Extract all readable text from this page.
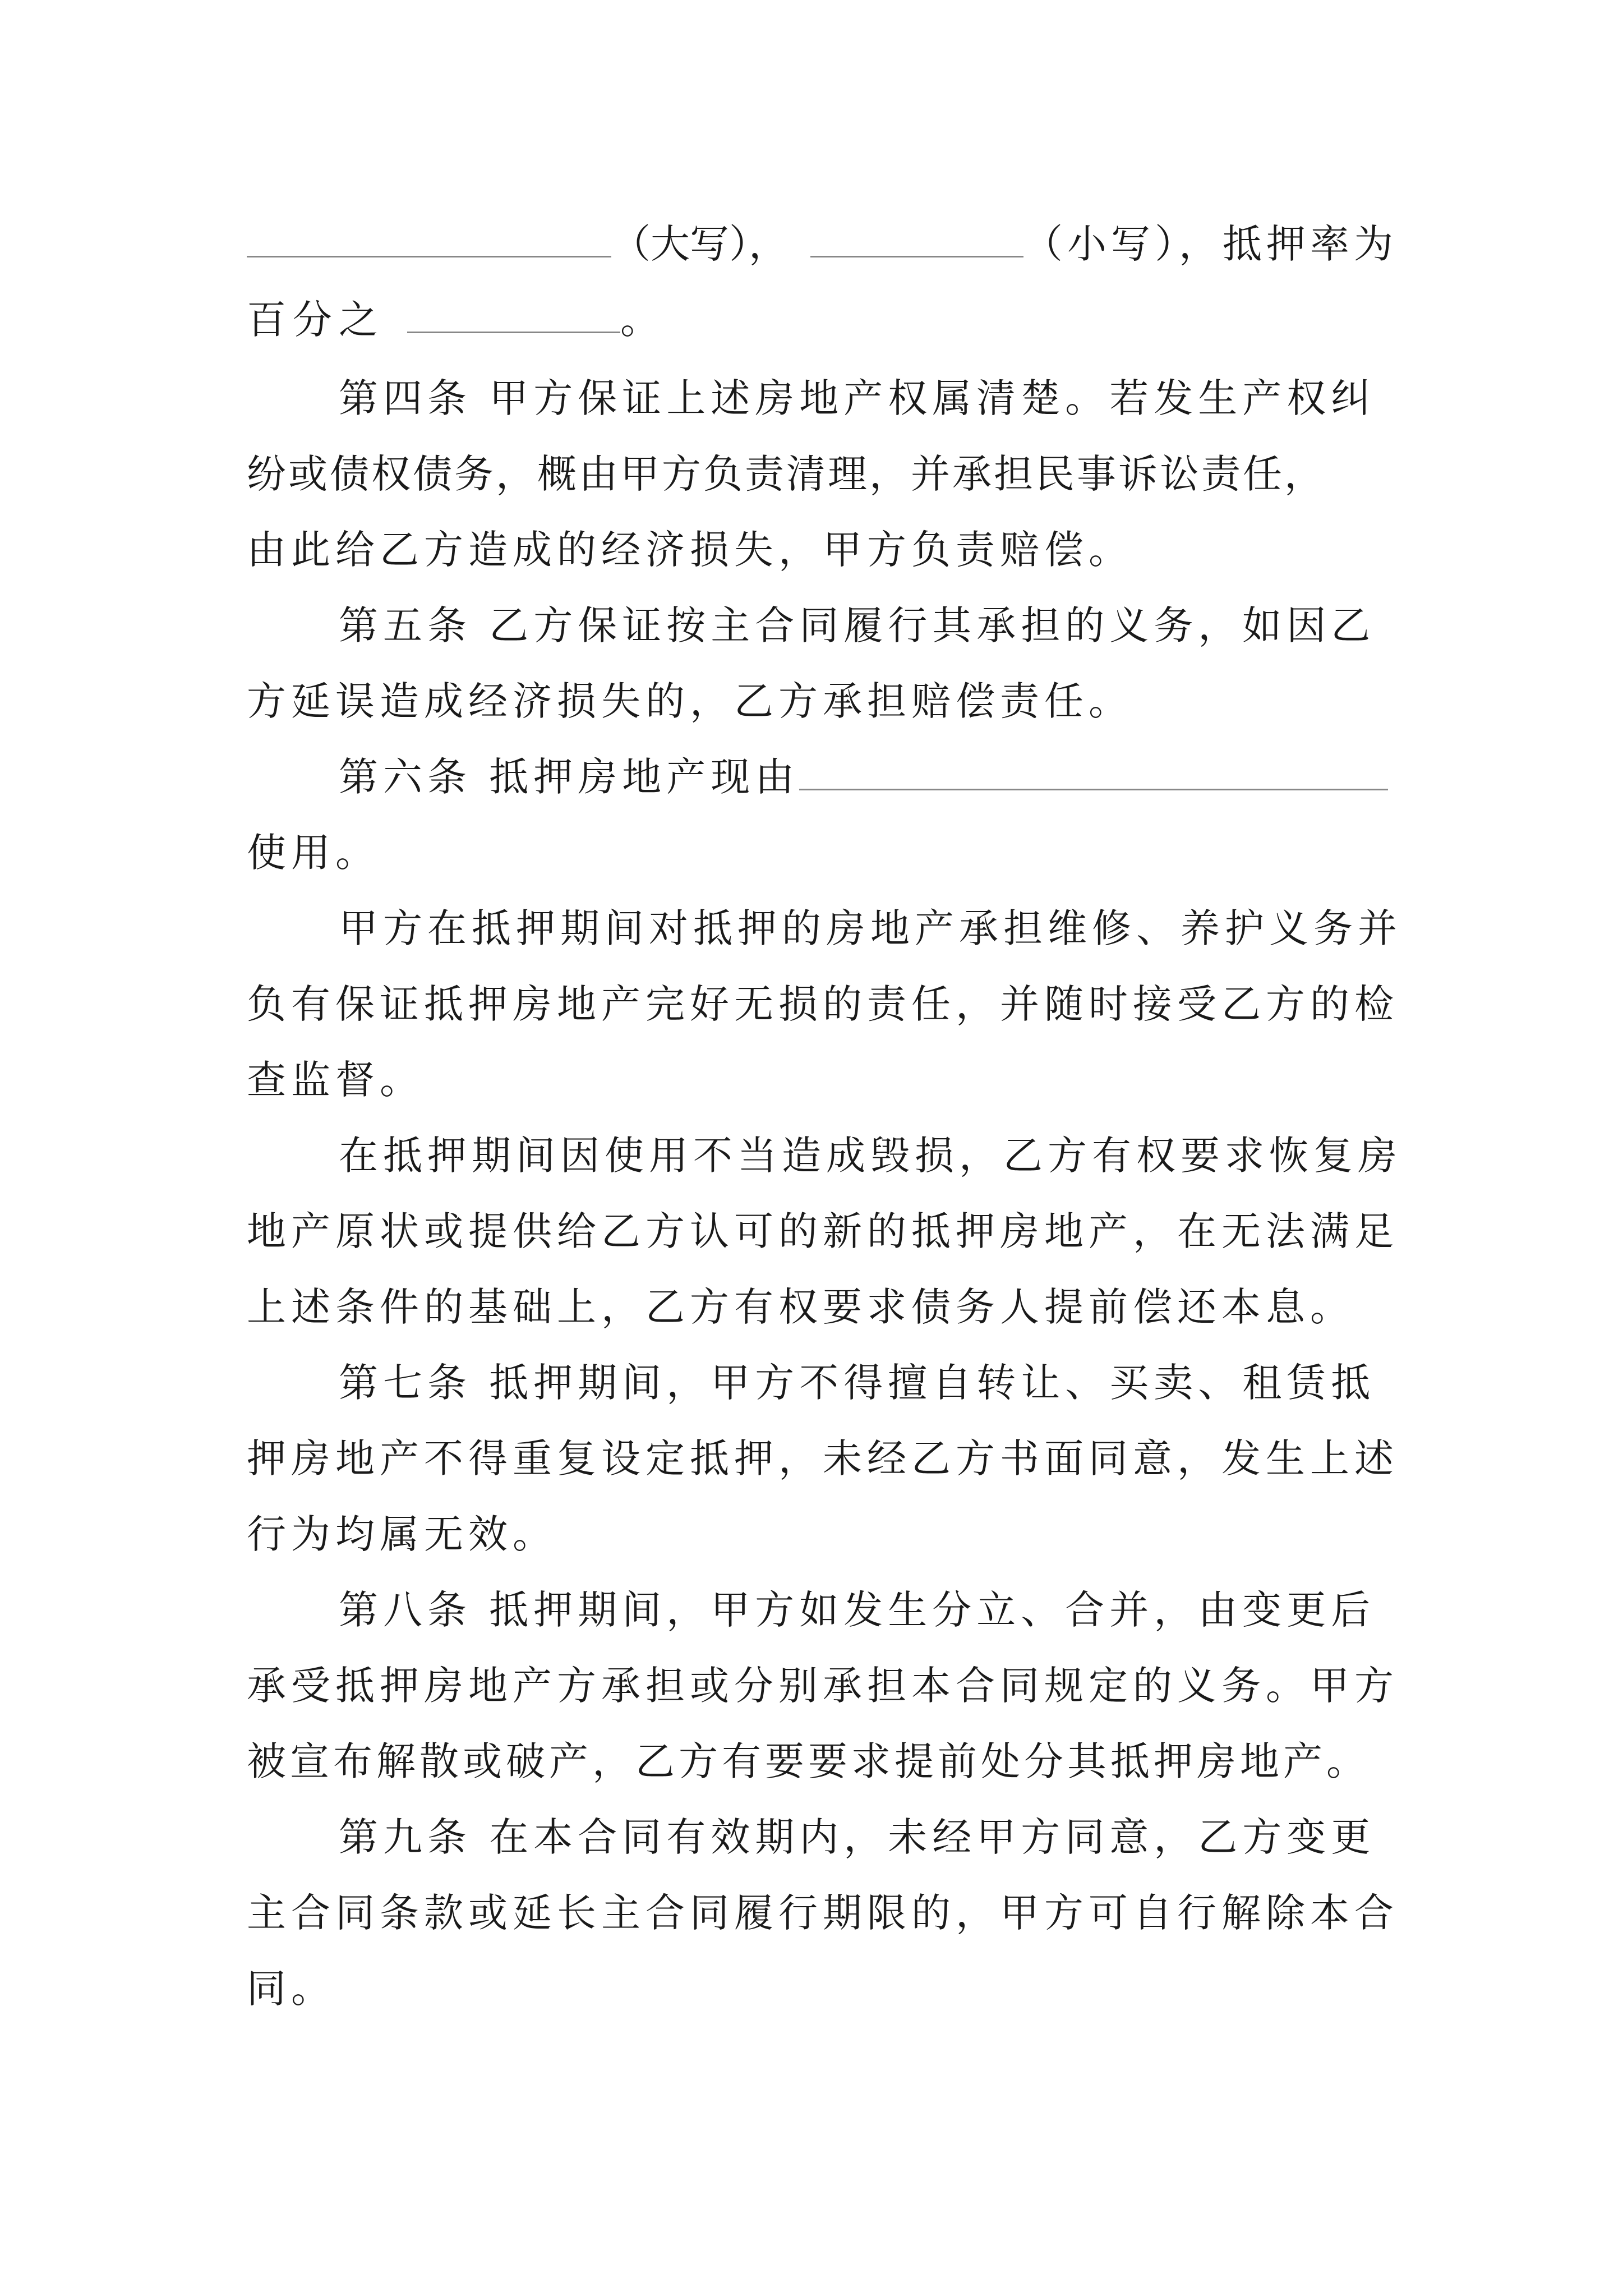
（大写），	（小写），抵押率为
百分之	。
第四条 甲方保证上述房地产权属清楚。若发生产权纠
纷或债权债务，概由甲方负责清理，并承担民事诉讼责任，
由此给乙方造成的经济损失，甲方负责赔偿。
第五条 乙方保证按主合同履行其承担的义务，如因乙
方延误造成经济损失的，乙方承担赔偿责任。
第六条 抵押房地产现由
使用。
甲方在抵押期间对抵押的房地产承担维修、养护义务并
负有保证抵押房地产完好无损的责任，并随时接受乙方的检
查监督。
在抵押期间因使用不当造成毁损，乙方有权要求恢复房
地产原状或提供给乙方认可的新的抵押房地产，在无法满足
上述条件的基础上，乙方有权要求债务人提前偿还本息。
第七条 抵押期间，甲方不得擅自转让、买卖、租赁抵
押房地产不得重复设定抵押，未经乙方书面同意，发生上述
行为均属无效。
第八条 抵押期间，甲方如发生分立、合并，由变更后
承受抵押房地产方承担或分别承担本合同规定的义务。甲方
被宣布解散或破产，乙方有要要求提前处分其抵押房地产。
第九条 在本合同有效期内，未经甲方同意，乙方变更
主合同条款或延长主合同履行期限的，甲方可自行解除本合
同。
